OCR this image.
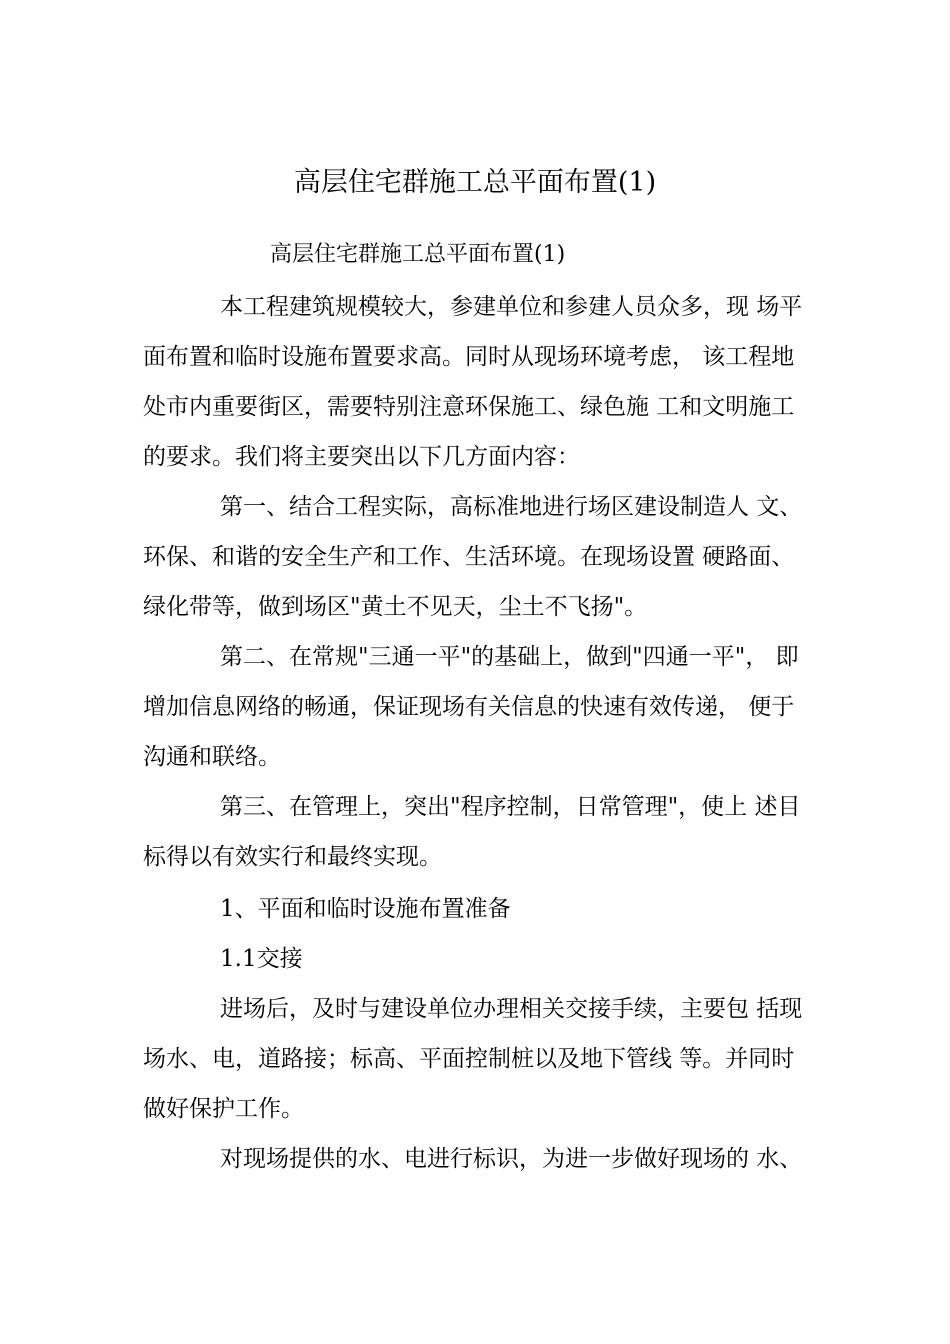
高层住宅群施工总平面布置(1)
高层住宅群施工总平面布置(1)
本工程建筑规模较大，参建单位和参建人员众多，现 场平
面布置和临时设施布置要求高。同时从现场环境考虑， 该工程地
处市内重要街区，需要特别注意环保施工、绿色施 工和文明施工
的要求。我们将主要突出以下几方面内容：
第一、结合工程实际，高标准地进行场区建设制造人 文、
环保、和谐的安全生产和工作、生活环境。在现场设置 硬路面、
绿化带等，做到场区"黄土不见天，尘土不飞扬"。
第二、在常规"三通一平"的基础上，做到"四通一平"， 即
增加信息网络的畅通，保证现场有关信息的快速有效传递， 便于
沟通和联络。
第三、在管理上，突出"程序控制，日常管理"，使上 述目
标得以有效实行和最终实现。
1、平面和临时设施布置准备
1.1交接
进场后，及时与建设单位办理相关交接手续，主要包 括现
场水、电，道路接；标高、平面控制桩以及地下管线 等。并同时
做好保护工作。
对现场提供的水、电进行标识，为进一步做好现场的 水、
